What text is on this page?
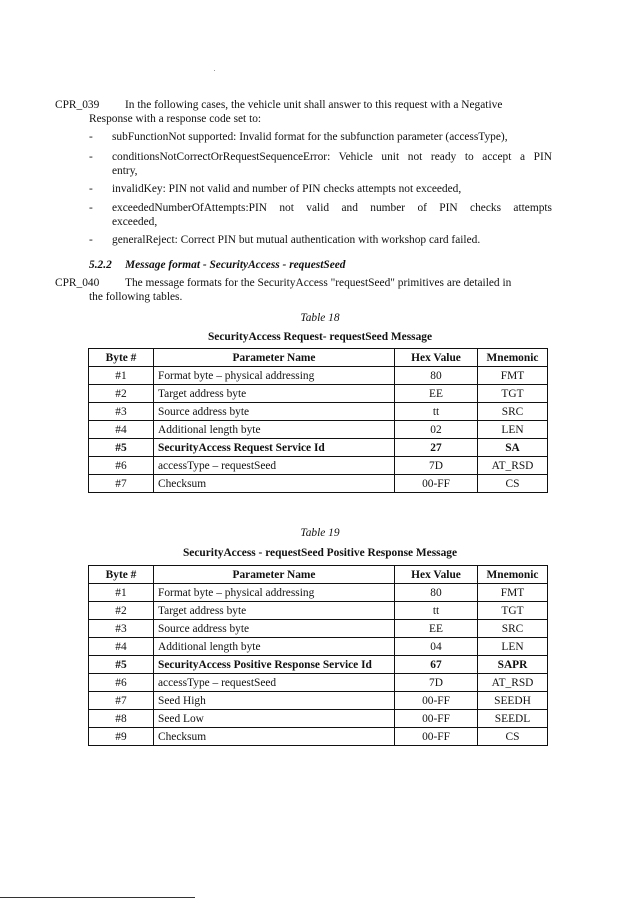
CPR_039 In the following cases, the vehicle unit shall answer to this request with a Negative
Response with a response code set to:
- subFunctionNot supported: Invalid format for the subfunction parameter (accessType),
- conditionsNotCorrectOrRequestSequenceError: Vehicle unit not ready to accept a PIN
entry,
- invalidKey: PIN not valid and number of PIN checks attempts not exceeded,
- exceededNumberOfAttempts:PIN not valid and number of PIN checks attempts
exceeded,
- generalReject: Correct PIN but mutual authentication with workshop card failed.
5.2.2 Message format - SecurityAccess - requestSeed
CPR_040 The message formats for the SecurityAccess "requestSeed" primitives are detailed in
the following tables.
Table 18
SecurityAccess Request- requestSeed Message
Byte #	Parameter Name	Hex Value	Mnemonic
#1	Format byte – physical addressing	80	FMT
#2	Target address byte	EE	TGT
#3	Source address byte	tt	SRC
#4	Additional length byte	02	LEN
#5	SecurityAccess Request Service Id	27	SA
#6	accessType – requestSeed	7D	AT_RSD
#7	Checksum	00-FF	CS
Table 19
SecurityAccess - requestSeed Positive Response Message
Byte #	Parameter Name	Hex Value	Mnemonic
#1	Format byte – physical addressing	80	FMT
#2	Target address byte	tt	TGT
#3	Source address byte	EE	SRC
#4	Additional length byte	04	LEN
#5	SecurityAccess Positive Response Service Id	67	SAPR
#6	accessType – requestSeed	7D	AT_RSD
#7	Seed High	00-FF	SEEDH
#8	Seed Low	00-FF	SEEDL
#9	Checksum	00-FF	CS
